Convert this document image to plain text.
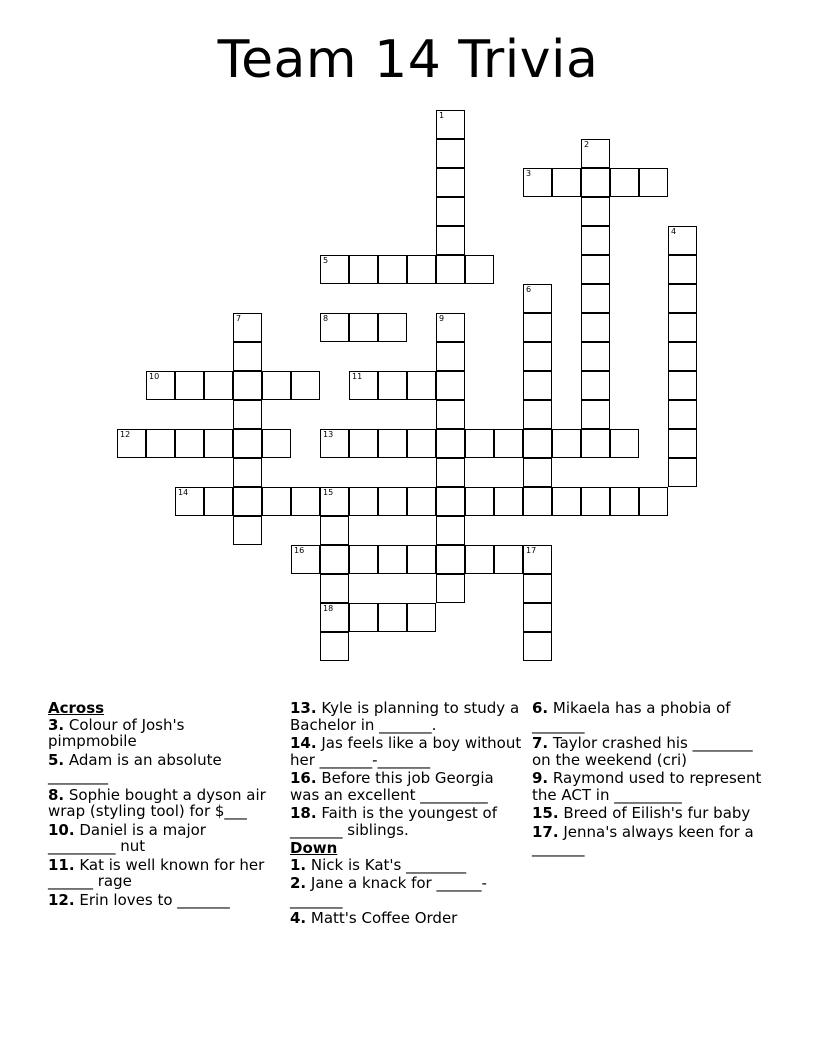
Team 14 Trivia
1
2
3
4
5
6
7	8	9
10	11
12	13
14	15
18
16	17
Across
3. Colour of Josh's pimpmobile
5. Adam is an absolute ________
8. Sophie bought a dyson air wrap (styling tool) for $___
10. Daniel is a major _________ nut
11. Kat is well known for her ______ rage
12. Erin loves to _______
13. Kyle is planning to study a Bachelor in _______.
14. Jas feels like a boy without her _______-_______
16. Before this job Georgia was an excellent _________
18. Faith is the youngest of _______ siblings.
Down
1. Nick is Kat's ________
2. Jane a knack for ______-_______
4. Matt's Coffee Order
6. Mikaela has a phobia of _______
7. Taylor crashed his ________ on the weekend (cri)
9. Raymond used to represent the ACT in _________
15. Breed of Eilish's fur baby
17. Jenna's always keen for a _______
